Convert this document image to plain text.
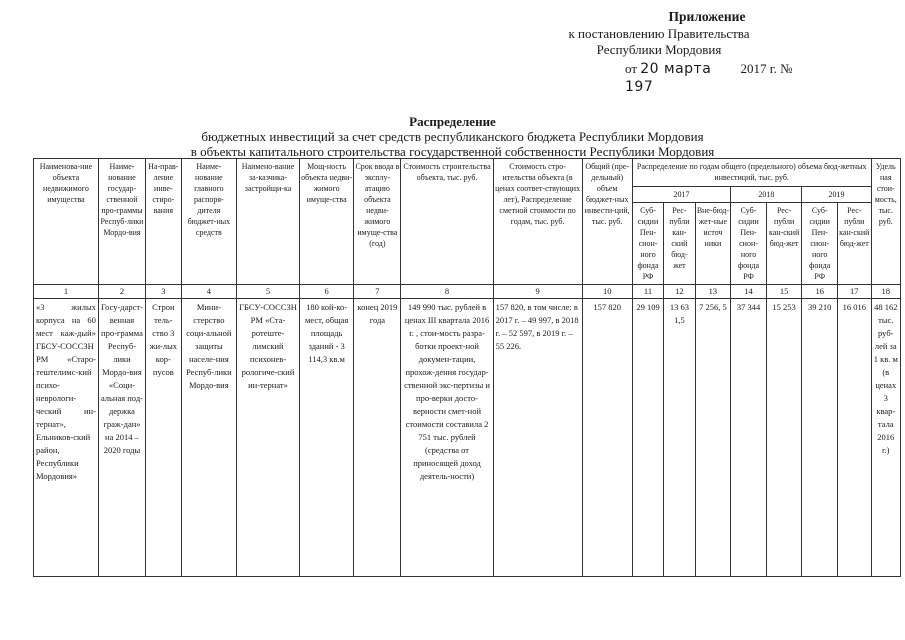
Приложение
к постановлению Правительства
Республики Мордовия
от 20 марта 2017 г. № 197
Распределение
бюджетных инвестиций за счет средств республиканского бюджета Республики Мордовия
в объекты капитального строительства государственной собственности Республики Мордовия
Наименова-ние объекта недвижимого имущества	Наиме-нование государ-ственной про-граммы Респуб-лики Мордо-вия	На-прав-ление инве-стиро-вания	Наиме-нование главного распоря-дителя бюджет-ных средств	Наимено-вание за-казчика-застройщи-ка	Мощ-ность объекта недви-жимого имуще-ства	Срок ввода в эксплу-атацию объекта недви-жимого имуще-ства (год)	Стоимость строительства объекта, тыс. руб.	Стоимость стро-ительства объекта (в ценах соответ-ствующих лет), Распределение сметной стоимости по годам, тыс. руб.	Общий (пре-дельный) объем бюджет-ных инвести-ций, тыс. руб.	Распределение по годам общего (предельного) объема бюд-жетных инвестиций, тыс. руб.							Удель ная стои-мость, тыс. руб.
										2017			2018		2019		
										Суб-сидии Пен-сион-ного фонда РФ	Рес-публи кан-ский бюд-жет	Вне-бюд-жет-ные источ ники	Суб-сидии Пен-сион-ного фонда РФ	Рес-публи кан-ский бюд-жет	Суб-сидии Пен-сион-ного фонда РФ	Рес-публи кан-ский бюд-жет	
1	2	3	4	5	6	7	8	9	10	11	12	13	14	15	16	17	18
«3 жилых корпуса на 60 мест каж-дый» ГБСУ-СОССЗН РМ «Старо-тештелимс-кий психо-неврологи-ческий ин-тернат», Ельников-ский район, Республики Мордовия»	Госу-дарст-венная про-грамма Респуб-лики Мордо-вия «Соци-альная под-держка граж-дан» на 2014 – 2020 годы	Строи тель-ство 3 жи-лых кор-пусов	Мини-стерство соци-альной защиты населе-ния Респуб-лики Мордо-вия	ГБСУ-СОССЗН РМ «Ста-ротеште-лимский психонев-рологиче-ский ин-тернат»	180 кой-ко-мест, общая площадь зданий - 3 114,3 кв.м	конец 2019 года	149 990 тыс. рублей в ценах III квартала 2016 г. , стои-мость разра-ботки проект-ной докумен-тации, прохож-дения государ-ственной экс-пертизы и про-верки досто-верности смет-ной стоимости составила 2 751 тыс. рублей (средства от приносящей доход деятель-ности)	157 820, в том числе: в 2017 г. – 49 997, в 2018 г. – 52 597, в 2019 г. – 55 226.	157 820	29 109	13 63 1,5	7 256, 5	37 344	15 253	39 210	16 016	48 162 тыс. руб-лей за 1 кв. м (в ценах 3 квар-тала 2016 г.)
